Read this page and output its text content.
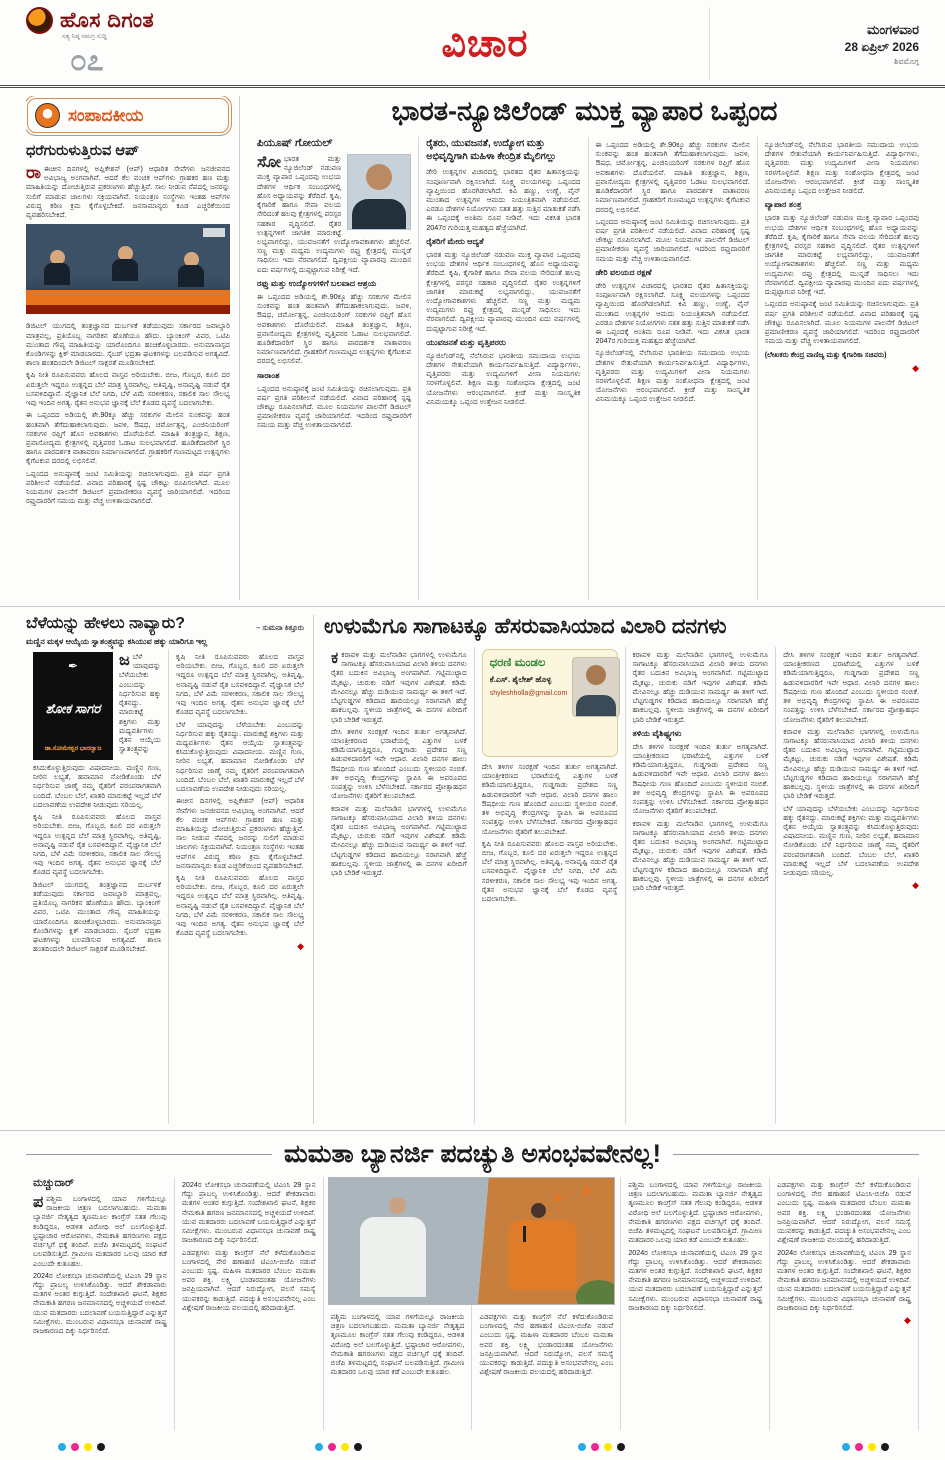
ಹೊಸ ದಿಗಂತ
ಸತ್ಯ ನಿಷ್ಠ ಸಮಗ್ರ ಸುದ್ದಿ
೦೭	ವಿಚಾರ	ಮಂಗಳವಾರ
28 ಏಪ್ರಿಲ್ 2026
ಶಿವಮೊಗ್ಗ
ಸಂಪಾದಕೀಯ
ಧರೆಗುರುಳುತ್ತಿರುವ ಆಪ್

ರಾಈಚೀನ ದಿನಗಳಲ್ಲಿ ಅಪ್ಲಿಕೇಶನ್ (ಆಪ್) ಆಧಾರಿತ ಸೇವೆಗಳು ಜನಜೀವನದ ಅವಿಭಾಜ್ಯ ಅಂಗವಾಗಿವೆ. ಆದರೆ ಕೆಲ ವಂಚಕ ಆಪ್‌ಗಳು ಗ್ರಾಹಕರ ಹಣ ಮತ್ತು ಮಾಹಿತಿಯನ್ನು ದೋಚುತ್ತಿರುವ ಪ್ರಕರಣಗಳು ಹೆಚ್ಚುತ್ತಿವೆ. ಸಾಲ ನೀಡುವ ನೆಪದಲ್ಲಿ ಜನರನ್ನು ಸುಲಿಗೆ ಮಾಡುವ ಜಾಲಗಳು ಸಕ್ರಿಯವಾಗಿವೆ. ನಿಯಂತ್ರಣ ಸಂಸ್ಥೆಗಳು ಇಂತಹ ಆಪ್‌ಗಳ ವಿರುದ್ಧ ಕಠಿಣ ಕ್ರಮ ಕೈಗೊಳ್ಳಬೇಕಿದೆ. ಜನಸಾಮಾನ್ಯರು ಕೂಡ ಎಚ್ಚರಿಕೆಯಿಂದ ವ್ಯವಹರಿಸಬೇಕಿದೆ.

ಡಿಜಿಟಲ್ ಯುಗದಲ್ಲಿ ತಂತ್ರಜ್ಞಾನದ ದುರ್ಬಳಕೆ ತಡೆಯುವುದು ಸರ್ಕಾರದ ಜವಾಬ್ದಾರಿ ಮಾತ್ರವಲ್ಲ, ಪ್ರತಿಯೊಬ್ಬ ನಾಗರಿಕನ ಹೊಣೆಯೂ ಹೌದು. ಬ್ಯಾಂಕಿಂಗ್ ವಿವರ, ಒಟಿಪಿ ಮುಂತಾದ ಗೌಪ್ಯ ಮಾಹಿತಿಯನ್ನು ಯಾರೊಂದಿಗೂ ಹಂಚಿಕೊಳ್ಳಬಾರದು. ಅನುಮಾನಾಸ್ಪದ ಕೊಂಡಿಗಳನ್ನು ಕ್ಲಿಕ್ ಮಾಡಬಾರದು. ಸೈಬರ್ ಭದ್ರತಾ ಘಟಕಗಳನ್ನು ಬಲಪಡಿಸುವ ಅಗತ್ಯವಿದೆ. ಶಾಲಾ ಹಂತದಿಂದಲೇ ಡಿಜಿಟಲ್ ಸಾಕ್ಷರತೆ ಮೂಡಿಸಬೇಕಿದೆ.

ಕೃಷಿ ನೀತಿ ರೂಪಿಸುವವರು ಹೊಲದ ವಾಸ್ತವ ಅರಿಯಬೇಕು. ಬೀಜ, ಗೊಬ್ಬರ, ಕೂಲಿ ದರ ಏರುತ್ತಲೇ ಇದ್ದರೂ ಉತ್ಪನ್ನದ ಬೆಲೆ ಮಾತ್ರ ಸ್ಥಿರವಾಗಿಲ್ಲ. ಅತಿವೃಷ್ಟಿ, ಅನಾವೃಷ್ಟಿ ನಡುವೆ ರೈತ ಬಸವಳಿದಿದ್ದಾನೆ. ವೈಜ್ಞಾನಿಕ ಬೆಲೆ ನಿಗದಿ, ಬೆಳೆ ವಿಮೆ ಸರಳೀಕರಣ, ಸಕಾಲಿಕ ಸಾಲ ಸೌಲಭ್ಯ ಇವು ಇಂದಿನ ಅಗತ್ಯ. ರೈತನ ಅನುಭವ ಜ್ಞಾನಕ್ಕೆ ಬೆಲೆ ಕೊಡದ ವ್ಯವಸ್ಥೆ ಬದಲಾಗಬೇಕು.

ಈ ಒಪ್ಪಂದದ ಅಡಿಯಲ್ಲಿ ಶೇ.90ಕ್ಕೂ ಹೆಚ್ಚು ಸರಕುಗಳ ಮೇಲಿನ ಸುಂಕವನ್ನು ಹಂತ ಹಂತವಾಗಿ ತೆಗೆದುಹಾಕಲಾಗುವುದು. ಜವಳಿ, ಔಷಧ, ಚರ್ಮೋತ್ಪನ್ನ, ಎಂಜಿನಿಯರಿಂಗ್ ಸರಕುಗಳ ರಫ್ತಿಗೆ ಹೊಸ ಅವಕಾಶಗಳು ದೊರೆಯಲಿವೆ. ಮಾಹಿತಿ ತಂತ್ರಜ್ಞಾನ, ಶಿಕ್ಷಣ, ಪ್ರವಾಸೋದ್ಯಮ ಕ್ಷೇತ್ರಗಳಲ್ಲಿ ವೃತ್ತಿಪರರ ಓಡಾಟ ಸುಲಭವಾಗಲಿದೆ. ಹೂಡಿಕೆದಾರರಿಗೆ ಸ್ಥಿರ ಹಾಗೂ ಪಾರದರ್ಶಕ ವಾತಾವರಣ ನಿರ್ಮಾಣವಾಗಲಿದೆ. ಗ್ರಾಹಕರಿಗೆ ಗುಣಮಟ್ಟದ ಉತ್ಪನ್ನಗಳು ಕೈಗೆಟಕುವ ದರದಲ್ಲಿ ಲಭಿಸಲಿವೆ.

ಒಪ್ಪಂದದ ಅನುಷ್ಠಾನಕ್ಕೆ ಜಂಟಿ ಸಮಿತಿಯನ್ನು ರಚಿಸಲಾಗುವುದು. ಪ್ರತಿ ವರ್ಷ ಪ್ರಗತಿ ಪರಿಶೀಲನೆ ನಡೆಯಲಿದೆ. ವಿವಾದ ಪರಿಹಾರಕ್ಕೆ ಸ್ಪಷ್ಟ ಚೌಕಟ್ಟು ರೂಪಿಸಲಾಗಿದೆ. ಮೂಲ ನಿಯಮಗಳ ಪಾಲನೆಗೆ ಡಿಜಿಟಲ್ ಪ್ರಮಾಣೀಕರಣ ವ್ಯವಸ್ಥೆ ಜಾರಿಯಾಗಲಿದೆ. ಇದರಿಂದ ರಫ್ತುದಾರರಿಗೆ ಸಮಯ ಮತ್ತು ವೆಚ್ಚ ಉಳಿತಾಯವಾಗಲಿದೆ.

ಭಾರತ-ನ್ಯೂಜಿಲೆಂಡ್ ಮುಕ್ತ ವ್ಯಾಪಾರ ಒಪ್ಪಂದ
ಪಿಯೂಷ್ ಗೋಯಲ್

ಸೋಭಾರತ ಮತ್ತು ನ್ಯೂಜಿಲೆಂಡ್ ನಡುವಣ ಮುಕ್ತ ವ್ಯಾಪಾರ ಒಪ್ಪಂದವು ಉಭಯ ದೇಶಗಳ ಆರ್ಥಿಕ ಸಂಬಂಧಗಳಲ್ಲಿ ಹೊಸ ಅಧ್ಯಾಯವನ್ನು ತೆರೆದಿದೆ. ಕೃಷಿ, ಕೈಗಾರಿಕೆ ಹಾಗೂ ಸೇವಾ ವಲಯ ಸೇರಿದಂತೆ ಹಲವು ಕ್ಷೇತ್ರಗಳಲ್ಲಿ ಪರಸ್ಪರ ಸಹಕಾರ ವೃದ್ಧಿಸಲಿದೆ. ರೈತರ ಉತ್ಪನ್ನಗಳಿಗೆ ಜಾಗತಿಕ ಮಾರುಕಟ್ಟೆ ಲಭ್ಯವಾಗಲಿದ್ದು, ಯುವಜನತೆಗೆ ಉದ್ಯೋಗಾವಕಾಶಗಳು ಹೆಚ್ಚಲಿವೆ. ಸಣ್ಣ ಮತ್ತು ಮಧ್ಯಮ ಉದ್ಯಮಗಳು ರಫ್ತು ಕ್ಷೇತ್ರದಲ್ಲಿ ಮುನ್ನಡೆ ಸಾಧಿಸಲು ಇದು ನೆರವಾಗಲಿದೆ. ದ್ವಿಪಕ್ಷೀಯ ವ್ಯಾಪಾರವು ಮುಂದಿನ ಐದು ವರ್ಷಗಳಲ್ಲಿ ದುಪ್ಪಟ್ಟಾಗುವ ನಿರೀಕ್ಷೆ ಇದೆ.

ರಫ್ತು ಮತ್ತು ಉದ್ಯೋಗಗಳಿಗೆ ಬಲವಾದ ಆಶ್ರಯ

ಈ ಒಪ್ಪಂದದ ಅಡಿಯಲ್ಲಿ ಶೇ.90ಕ್ಕೂ ಹೆಚ್ಚು ಸರಕುಗಳ ಮೇಲಿನ ಸುಂಕವನ್ನು ಹಂತ ಹಂತವಾಗಿ ತೆಗೆದುಹಾಕಲಾಗುವುದು. ಜವಳಿ, ಔಷಧ, ಚರ್ಮೋತ್ಪನ್ನ, ಎಂಜಿನಿಯರಿಂಗ್ ಸರಕುಗಳ ರಫ್ತಿಗೆ ಹೊಸ ಅವಕಾಶಗಳು ದೊರೆಯಲಿವೆ. ಮಾಹಿತಿ ತಂತ್ರಜ್ಞಾನ, ಶಿಕ್ಷಣ, ಪ್ರವಾಸೋದ್ಯಮ ಕ್ಷೇತ್ರಗಳಲ್ಲಿ ವೃತ್ತಿಪರರ ಓಡಾಟ ಸುಲಭವಾಗಲಿದೆ. ಹೂಡಿಕೆದಾರರಿಗೆ ಸ್ಥಿರ ಹಾಗೂ ಪಾರದರ್ಶಕ ವಾತಾವರಣ ನಿರ್ಮಾಣವಾಗಲಿದೆ. ಗ್ರಾಹಕರಿಗೆ ಗುಣಮಟ್ಟದ ಉತ್ಪನ್ನಗಳು ಕೈಗೆಟಕುವ ದರದಲ್ಲಿ ಲಭಿಸಲಿವೆ.

ಸಾರಾಂಶ

ಒಪ್ಪಂದದ ಅನುಷ್ಠಾನಕ್ಕೆ ಜಂಟಿ ಸಮಿತಿಯನ್ನು ರಚಿಸಲಾಗುವುದು. ಪ್ರತಿ ವರ್ಷ ಪ್ರಗತಿ ಪರಿಶೀಲನೆ ನಡೆಯಲಿದೆ. ವಿವಾದ ಪರಿಹಾರಕ್ಕೆ ಸ್ಪಷ್ಟ ಚೌಕಟ್ಟು ರೂಪಿಸಲಾಗಿದೆ. ಮೂಲ ನಿಯಮಗಳ ಪಾಲನೆಗೆ ಡಿಜಿಟಲ್ ಪ್ರಮಾಣೀಕರಣ ವ್ಯವಸ್ಥೆ ಜಾರಿಯಾಗಲಿದೆ. ಇದರಿಂದ ರಫ್ತುದಾರರಿಗೆ ಸಮಯ ಮತ್ತು ವೆಚ್ಚ ಉಳಿತಾಯವಾಗಲಿದೆ.

ರೈತರು, ಯುವಜನತೆ, ಉದ್ಯೋಗ ಮತ್ತು ಅಭಿವೃದ್ಧಿಗಾಗಿ ಮಹಿಳಾ ಕೇಂದ್ರಿತ ಮೈಲಿಗಲ್ಲು

ಡೇರಿ ಉತ್ಪನ್ನಗಳ ವಿಚಾರದಲ್ಲಿ ಭಾರತದ ರೈತರ ಹಿತಾಸಕ್ತಿಯನ್ನು ಸಂಪೂರ್ಣವಾಗಿ ರಕ್ಷಿಸಲಾಗಿದೆ. ಸೂಕ್ಷ್ಮ ವಲಯಗಳನ್ನು ಒಪ್ಪಂದದ ವ್ಯಾಪ್ತಿಯಿಂದ ಹೊರಗಿಡಲಾಗಿದೆ. ಕಿವಿ ಹಣ್ಣು, ಉಣ್ಣೆ, ವೈನ್ ಮುಂತಾದ ಉತ್ಪನ್ನಗಳ ಆಮದು ನಿಯಂತ್ರಿತವಾಗಿ ನಡೆಯಲಿದೆ. ಎರಡೂ ದೇಶಗಳ ನಿಯೋಗಗಳು ಸತತ ಹತ್ತು ಸುತ್ತಿನ ಮಾತುಕತೆ ನಡೆಸಿ ಈ ಒಪ್ಪಂದಕ್ಕೆ ಅಂತಿಮ ರೂಪ ನೀಡಿವೆ. ಇದು ವಿಕಸಿತ ಭಾರತ 2047ರ ಗುರಿಯತ್ತ ಮಹತ್ವದ ಹೆಜ್ಜೆಯಾಗಿದೆ.

ರೈತರಿಗೆ ಮೇರು ಆದ್ಯತೆ

ಭಾರತ ಮತ್ತು ನ್ಯೂಜಿಲೆಂಡ್ ನಡುವಣ ಮುಕ್ತ ವ್ಯಾಪಾರ ಒಪ್ಪಂದವು ಉಭಯ ದೇಶಗಳ ಆರ್ಥಿಕ ಸಂಬಂಧಗಳಲ್ಲಿ ಹೊಸ ಅಧ್ಯಾಯವನ್ನು ತೆರೆದಿದೆ. ಕೃಷಿ, ಕೈಗಾರಿಕೆ ಹಾಗೂ ಸೇವಾ ವಲಯ ಸೇರಿದಂತೆ ಹಲವು ಕ್ಷೇತ್ರಗಳಲ್ಲಿ ಪರಸ್ಪರ ಸಹಕಾರ ವೃದ್ಧಿಸಲಿದೆ. ರೈತರ ಉತ್ಪನ್ನಗಳಿಗೆ ಜಾಗತಿಕ ಮಾರುಕಟ್ಟೆ ಲಭ್ಯವಾಗಲಿದ್ದು, ಯುವಜನತೆಗೆ ಉದ್ಯೋಗಾವಕಾಶಗಳು ಹೆಚ್ಚಲಿವೆ. ಸಣ್ಣ ಮತ್ತು ಮಧ್ಯಮ ಉದ್ಯಮಗಳು ರಫ್ತು ಕ್ಷೇತ್ರದಲ್ಲಿ ಮುನ್ನಡೆ ಸಾಧಿಸಲು ಇದು ನೆರವಾಗಲಿದೆ. ದ್ವಿಪಕ್ಷೀಯ ವ್ಯಾಪಾರವು ಮುಂದಿನ ಐದು ವರ್ಷಗಳಲ್ಲಿ ದುಪ್ಪಟ್ಟಾಗುವ ನಿರೀಕ್ಷೆ ಇದೆ.

ಯುವಜನತೆ ಮತ್ತು ವೃತ್ತಿಪರರು

ನ್ಯೂಜಿಲೆಂಡ್‌ನಲ್ಲಿ ನೆಲೆಸಿರುವ ಭಾರತೀಯ ಸಮುದಾಯ ಉಭಯ ದೇಶಗಳ ಸೇತುವೆಯಾಗಿ ಕಾರ್ಯನಿರ್ವಹಿಸುತ್ತಿದೆ. ವಿದ್ಯಾರ್ಥಿಗಳು, ವೃತ್ತಿಪರರು ಮತ್ತು ಉದ್ಯಮಿಗಳಿಗೆ ವೀಸಾ ನಿಯಮಗಳು ಸರಳಗೊಳ್ಳಲಿವೆ. ಶಿಕ್ಷಣ ಮತ್ತು ಸಂಶೋಧನಾ ಕ್ಷೇತ್ರದಲ್ಲಿ ಜಂಟಿ ಯೋಜನೆಗಳು ಆರಂಭವಾಗಲಿವೆ. ಕ್ರೀಡೆ ಮತ್ತು ಸಾಂಸ್ಕೃತಿಕ ವಿನಿಮಯಕ್ಕೂ ಒಪ್ಪಂದ ಉತ್ತೇಜನ ನೀಡಲಿದೆ.

ಈ ಒಪ್ಪಂದದ ಅಡಿಯಲ್ಲಿ ಶೇ.90ಕ್ಕೂ ಹೆಚ್ಚು ಸರಕುಗಳ ಮೇಲಿನ ಸುಂಕವನ್ನು ಹಂತ ಹಂತವಾಗಿ ತೆಗೆದುಹಾಕಲಾಗುವುದು. ಜವಳಿ, ಔಷಧ, ಚರ್ಮೋತ್ಪನ್ನ, ಎಂಜಿನಿಯರಿಂಗ್ ಸರಕುಗಳ ರಫ್ತಿಗೆ ಹೊಸ ಅವಕಾಶಗಳು ದೊರೆಯಲಿವೆ. ಮಾಹಿತಿ ತಂತ್ರಜ್ಞಾನ, ಶಿಕ್ಷಣ, ಪ್ರವಾಸೋದ್ಯಮ ಕ್ಷೇತ್ರಗಳಲ್ಲಿ ವೃತ್ತಿಪರರ ಓಡಾಟ ಸುಲಭವಾಗಲಿದೆ. ಹೂಡಿಕೆದಾರರಿಗೆ ಸ್ಥಿರ ಹಾಗೂ ಪಾರದರ್ಶಕ ವಾತಾವರಣ ನಿರ್ಮಾಣವಾಗಲಿದೆ. ಗ್ರಾಹಕರಿಗೆ ಗುಣಮಟ್ಟದ ಉತ್ಪನ್ನಗಳು ಕೈಗೆಟಕುವ ದರದಲ್ಲಿ ಲಭಿಸಲಿವೆ.

ಒಪ್ಪಂದದ ಅನುಷ್ಠಾನಕ್ಕೆ ಜಂಟಿ ಸಮಿತಿಯನ್ನು ರಚಿಸಲಾಗುವುದು. ಪ್ರತಿ ವರ್ಷ ಪ್ರಗತಿ ಪರಿಶೀಲನೆ ನಡೆಯಲಿದೆ. ವಿವಾದ ಪರಿಹಾರಕ್ಕೆ ಸ್ಪಷ್ಟ ಚೌಕಟ್ಟು ರೂಪಿಸಲಾಗಿದೆ. ಮೂಲ ನಿಯಮಗಳ ಪಾಲನೆಗೆ ಡಿಜಿಟಲ್ ಪ್ರಮಾಣೀಕರಣ ವ್ಯವಸ್ಥೆ ಜಾರಿಯಾಗಲಿದೆ. ಇದರಿಂದ ರಫ್ತುದಾರರಿಗೆ ಸಮಯ ಮತ್ತು ವೆಚ್ಚ ಉಳಿತಾಯವಾಗಲಿದೆ.

ಡೇರಿ ವಲಯದ ರಕ್ಷಣೆ

ಡೇರಿ ಉತ್ಪನ್ನಗಳ ವಿಚಾರದಲ್ಲಿ ಭಾರತದ ರೈತರ ಹಿತಾಸಕ್ತಿಯನ್ನು ಸಂಪೂರ್ಣವಾಗಿ ರಕ್ಷಿಸಲಾಗಿದೆ. ಸೂಕ್ಷ್ಮ ವಲಯಗಳನ್ನು ಒಪ್ಪಂದದ ವ್ಯಾಪ್ತಿಯಿಂದ ಹೊರಗಿಡಲಾಗಿದೆ. ಕಿವಿ ಹಣ್ಣು, ಉಣ್ಣೆ, ವೈನ್ ಮುಂತಾದ ಉತ್ಪನ್ನಗಳ ಆಮದು ನಿಯಂತ್ರಿತವಾಗಿ ನಡೆಯಲಿದೆ. ಎರಡೂ ದೇಶಗಳ ನಿಯೋಗಗಳು ಸತತ ಹತ್ತು ಸುತ್ತಿನ ಮಾತುಕತೆ ನಡೆಸಿ ಈ ಒಪ್ಪಂದಕ್ಕೆ ಅಂತಿಮ ರೂಪ ನೀಡಿವೆ. ಇದು ವಿಕಸಿತ ಭಾರತ 2047ರ ಗುರಿಯತ್ತ ಮಹತ್ವದ ಹೆಜ್ಜೆಯಾಗಿದೆ.

ನ್ಯೂಜಿಲೆಂಡ್‌ನಲ್ಲಿ ನೆಲೆಸಿರುವ ಭಾರತೀಯ ಸಮುದಾಯ ಉಭಯ ದೇಶಗಳ ಸೇತುವೆಯಾಗಿ ಕಾರ್ಯನಿರ್ವಹಿಸುತ್ತಿದೆ. ವಿದ್ಯಾರ್ಥಿಗಳು, ವೃತ್ತಿಪರರು ಮತ್ತು ಉದ್ಯಮಿಗಳಿಗೆ ವೀಸಾ ನಿಯಮಗಳು ಸರಳಗೊಳ್ಳಲಿವೆ. ಶಿಕ್ಷಣ ಮತ್ತು ಸಂಶೋಧನಾ ಕ್ಷೇತ್ರದಲ್ಲಿ ಜಂಟಿ ಯೋಜನೆಗಳು ಆರಂಭವಾಗಲಿವೆ. ಕ್ರೀಡೆ ಮತ್ತು ಸಾಂಸ್ಕೃತಿಕ ವಿನಿಮಯಕ್ಕೂ ಒಪ್ಪಂದ ಉತ್ತೇಜನ ನೀಡಲಿದೆ.

ನ್ಯೂಜಿಲೆಂಡ್‌ನಲ್ಲಿ ನೆಲೆಸಿರುವ ಭಾರತೀಯ ಸಮುದಾಯ ಉಭಯ ದೇಶಗಳ ಸೇತುವೆಯಾಗಿ ಕಾರ್ಯನಿರ್ವಹಿಸುತ್ತಿದೆ. ವಿದ್ಯಾರ್ಥಿಗಳು, ವೃತ್ತಿಪರರು ಮತ್ತು ಉದ್ಯಮಿಗಳಿಗೆ ವೀಸಾ ನಿಯಮಗಳು ಸರಳಗೊಳ್ಳಲಿವೆ. ಶಿಕ್ಷಣ ಮತ್ತು ಸಂಶೋಧನಾ ಕ್ಷೇತ್ರದಲ್ಲಿ ಜಂಟಿ ಯೋಜನೆಗಳು ಆರಂಭವಾಗಲಿವೆ. ಕ್ರೀಡೆ ಮತ್ತು ಸಾಂಸ್ಕೃತಿಕ ವಿನಿಮಯಕ್ಕೂ ಒಪ್ಪಂದ ಉತ್ತೇಜನ ನೀಡಲಿದೆ.

ವ್ಯಾಪಾರ ತಂತ್ರ

ಭಾರತ ಮತ್ತು ನ್ಯೂಜಿಲೆಂಡ್ ನಡುವಣ ಮುಕ್ತ ವ್ಯಾಪಾರ ಒಪ್ಪಂದವು ಉಭಯ ದೇಶಗಳ ಆರ್ಥಿಕ ಸಂಬಂಧಗಳಲ್ಲಿ ಹೊಸ ಅಧ್ಯಾಯವನ್ನು ತೆರೆದಿದೆ. ಕೃಷಿ, ಕೈಗಾರಿಕೆ ಹಾಗೂ ಸೇವಾ ವಲಯ ಸೇರಿದಂತೆ ಹಲವು ಕ್ಷೇತ್ರಗಳಲ್ಲಿ ಪರಸ್ಪರ ಸಹಕಾರ ವೃದ್ಧಿಸಲಿದೆ. ರೈತರ ಉತ್ಪನ್ನಗಳಿಗೆ ಜಾಗತಿಕ ಮಾರುಕಟ್ಟೆ ಲಭ್ಯವಾಗಲಿದ್ದು, ಯುವಜನತೆಗೆ ಉದ್ಯೋಗಾವಕಾಶಗಳು ಹೆಚ್ಚಲಿವೆ. ಸಣ್ಣ ಮತ್ತು ಮಧ್ಯಮ ಉದ್ಯಮಗಳು ರಫ್ತು ಕ್ಷೇತ್ರದಲ್ಲಿ ಮುನ್ನಡೆ ಸಾಧಿಸಲು ಇದು ನೆರವಾಗಲಿದೆ. ದ್ವಿಪಕ್ಷೀಯ ವ್ಯಾಪಾರವು ಮುಂದಿನ ಐದು ವರ್ಷಗಳಲ್ಲಿ ದುಪ್ಪಟ್ಟಾಗುವ ನಿರೀಕ್ಷೆ ಇದೆ.

ಒಪ್ಪಂದದ ಅನುಷ್ಠಾನಕ್ಕೆ ಜಂಟಿ ಸಮಿತಿಯನ್ನು ರಚಿಸಲಾಗುವುದು. ಪ್ರತಿ ವರ್ಷ ಪ್ರಗತಿ ಪರಿಶೀಲನೆ ನಡೆಯಲಿದೆ. ವಿವಾದ ಪರಿಹಾರಕ್ಕೆ ಸ್ಪಷ್ಟ ಚೌಕಟ್ಟು ರೂಪಿಸಲಾಗಿದೆ. ಮೂಲ ನಿಯಮಗಳ ಪಾಲನೆಗೆ ಡಿಜಿಟಲ್ ಪ್ರಮಾಣೀಕರಣ ವ್ಯವಸ್ಥೆ ಜಾರಿಯಾಗಲಿದೆ. ಇದರಿಂದ ರಫ್ತುದಾರರಿಗೆ ಸಮಯ ಮತ್ತು ವೆಚ್ಚ ಉಳಿತಾಯವಾಗಲಿದೆ.

(ಲೇಖಕರು ಕೇಂದ್ರ ವಾಣಿಜ್ಯ ಮತ್ತು ಕೈಗಾರಿಕಾ ಸಚಿವರು)

◆
ಬೆಳೆಯನ್ನು ಹೇಳಲು ನಾವ್ಯಾರು?	– ಸುಮನಾ ಕಿತ್ತೂರು

ಮಣ್ಣಿನ ಮಕ್ಕಳ ಆಯ್ಕೆಯ ಸ್ವಾತಂತ್ರ್ಯವನ್ನು ಕಸಿಯುವ ಹಕ್ಕು ಯಾರಿಗೂ ಇಲ್ಲ

✒
ಶೋಕ ಸಾಗರ
ಡಾ.ಸೋಮೇಶ್ವರ ಭಾರದ್ವಾಜ

ಜಬೆಳೆ ಯಾವುದನ್ನು ಬೆಳೆಯಬೇಕು ಎಂಬುದನ್ನು ನಿರ್ಧರಿಸುವ ಹಕ್ಕು ರೈತನದ್ದು. ಮಾರುಕಟ್ಟೆ ಶಕ್ತಿಗಳು ಮತ್ತು ಮಧ್ಯವರ್ತಿಗಳು ರೈತನ ಆಯ್ಕೆಯ ಸ್ವಾತಂತ್ರ್ಯವನ್ನು ಕಸಿದುಕೊಳ್ಳುತ್ತಿರುವುದು ವಿಷಾದನೀಯ. ಮಣ್ಣಿನ ಗುಣ, ನೀರಿನ ಲಭ್ಯತೆ, ಹವಾಮಾನ ನೋಡಿಕೊಂಡು ಬೆಳೆ ನಿರ್ಧರಿಸುವ ಜಾಣ್ಮೆ ನಮ್ಮ ರೈತರಿಗೆ ಪರಂಪರಾಗತವಾಗಿ ಬಂದಿದೆ. ಬೆಂಬಲ ಬೆಲೆ, ಖಾತರಿ ಮಾರುಕಟ್ಟೆ ಇಲ್ಲದೆ ಬೆಳೆ ಬದಲಾವಣೆಯ ಉಪದೇಶ ನೀಡುವುದು ಸರಿಯಲ್ಲ.

ಕೃಷಿ ನೀತಿ ರೂಪಿಸುವವರು ಹೊಲದ ವಾಸ್ತವ ಅರಿಯಬೇಕು. ಬೀಜ, ಗೊಬ್ಬರ, ಕೂಲಿ ದರ ಏರುತ್ತಲೇ ಇದ್ದರೂ ಉತ್ಪನ್ನದ ಬೆಲೆ ಮಾತ್ರ ಸ್ಥಿರವಾಗಿಲ್ಲ. ಅತಿವೃಷ್ಟಿ, ಅನಾವೃಷ್ಟಿ ನಡುವೆ ರೈತ ಬಸವಳಿದಿದ್ದಾನೆ. ವೈಜ್ಞಾನಿಕ ಬೆಲೆ ನಿಗದಿ, ಬೆಳೆ ವಿಮೆ ಸರಳೀಕರಣ, ಸಕಾಲಿಕ ಸಾಲ ಸೌಲಭ್ಯ ಇವು ಇಂದಿನ ಅಗತ್ಯ. ರೈತನ ಅನುಭವ ಜ್ಞಾನಕ್ಕೆ ಬೆಲೆ ಕೊಡದ ವ್ಯವಸ್ಥೆ ಬದಲಾಗಬೇಕು.

ಡಿಜಿಟಲ್ ಯುಗದಲ್ಲಿ ತಂತ್ರಜ್ಞಾನದ ದುರ್ಬಳಕೆ ತಡೆಯುವುದು ಸರ್ಕಾರದ ಜವಾಬ್ದಾರಿ ಮಾತ್ರವಲ್ಲ, ಪ್ರತಿಯೊಬ್ಬ ನಾಗರಿಕನ ಹೊಣೆಯೂ ಹೌದು. ಬ್ಯಾಂಕಿಂಗ್ ವಿವರ, ಒಟಿಪಿ ಮುಂತಾದ ಗೌಪ್ಯ ಮಾಹಿತಿಯನ್ನು ಯಾರೊಂದಿಗೂ ಹಂಚಿಕೊಳ್ಳಬಾರದು. ಅನುಮಾನಾಸ್ಪದ ಕೊಂಡಿಗಳನ್ನು ಕ್ಲಿಕ್ ಮಾಡಬಾರದು. ಸೈಬರ್ ಭದ್ರತಾ ಘಟಕಗಳನ್ನು ಬಲಪಡಿಸುವ ಅಗತ್ಯವಿದೆ. ಶಾಲಾ ಹಂತದಿಂದಲೇ ಡಿಜಿಟಲ್ ಸಾಕ್ಷರತೆ ಮೂಡಿಸಬೇಕಿದೆ.

ಕೃಷಿ ನೀತಿ ರೂಪಿಸುವವರು ಹೊಲದ ವಾಸ್ತವ ಅರಿಯಬೇಕು. ಬೀಜ, ಗೊಬ್ಬರ, ಕೂಲಿ ದರ ಏರುತ್ತಲೇ ಇದ್ದರೂ ಉತ್ಪನ್ನದ ಬೆಲೆ ಮಾತ್ರ ಸ್ಥಿರವಾಗಿಲ್ಲ. ಅತಿವೃಷ್ಟಿ, ಅನಾವೃಷ್ಟಿ ನಡುವೆ ರೈತ ಬಸವಳಿದಿದ್ದಾನೆ. ವೈಜ್ಞಾನಿಕ ಬೆಲೆ ನಿಗದಿ, ಬೆಳೆ ವಿಮೆ ಸರಳೀಕರಣ, ಸಕಾಲಿಕ ಸಾಲ ಸೌಲಭ್ಯ ಇವು ಇಂದಿನ ಅಗತ್ಯ. ರೈತನ ಅನುಭವ ಜ್ಞಾನಕ್ಕೆ ಬೆಲೆ ಕೊಡದ ವ್ಯವಸ್ಥೆ ಬದಲಾಗಬೇಕು.

ಬೆಳೆ ಯಾವುದನ್ನು ಬೆಳೆಯಬೇಕು ಎಂಬುದನ್ನು ನಿರ್ಧರಿಸುವ ಹಕ್ಕು ರೈತನದ್ದು. ಮಾರುಕಟ್ಟೆ ಶಕ್ತಿಗಳು ಮತ್ತು ಮಧ್ಯವರ್ತಿಗಳು ರೈತನ ಆಯ್ಕೆಯ ಸ್ವಾತಂತ್ರ್ಯವನ್ನು ಕಸಿದುಕೊಳ್ಳುತ್ತಿರುವುದು ವಿಷಾದನೀಯ. ಮಣ್ಣಿನ ಗುಣ, ನೀರಿನ ಲಭ್ಯತೆ, ಹವಾಮಾನ ನೋಡಿಕೊಂಡು ಬೆಳೆ ನಿರ್ಧರಿಸುವ ಜಾಣ್ಮೆ ನಮ್ಮ ರೈತರಿಗೆ ಪರಂಪರಾಗತವಾಗಿ ಬಂದಿದೆ. ಬೆಂಬಲ ಬೆಲೆ, ಖಾತರಿ ಮಾರುಕಟ್ಟೆ ಇಲ್ಲದೆ ಬೆಳೆ ಬದಲಾವಣೆಯ ಉಪದೇಶ ನೀಡುವುದು ಸರಿಯಲ್ಲ.

ಈಚೀನ ದಿನಗಳಲ್ಲಿ ಅಪ್ಲಿಕೇಶನ್ (ಆಪ್) ಆಧಾರಿತ ಸೇವೆಗಳು ಜನಜೀವನದ ಅವಿಭಾಜ್ಯ ಅಂಗವಾಗಿವೆ. ಆದರೆ ಕೆಲ ವಂಚಕ ಆಪ್‌ಗಳು ಗ್ರಾಹಕರ ಹಣ ಮತ್ತು ಮಾಹಿತಿಯನ್ನು ದೋಚುತ್ತಿರುವ ಪ್ರಕರಣಗಳು ಹೆಚ್ಚುತ್ತಿವೆ. ಸಾಲ ನೀಡುವ ನೆಪದಲ್ಲಿ ಜನರನ್ನು ಸುಲಿಗೆ ಮಾಡುವ ಜಾಲಗಳು ಸಕ್ರಿಯವಾಗಿವೆ. ನಿಯಂತ್ರಣ ಸಂಸ್ಥೆಗಳು ಇಂತಹ ಆಪ್‌ಗಳ ವಿರುದ್ಧ ಕಠಿಣ ಕ್ರಮ ಕೈಗೊಳ್ಳಬೇಕಿದೆ. ಜನಸಾಮಾನ್ಯರು ಕೂಡ ಎಚ್ಚರಿಕೆಯಿಂದ ವ್ಯವಹರಿಸಬೇಕಿದೆ.

ಕೃಷಿ ನೀತಿ ರೂಪಿಸುವವರು ಹೊಲದ ವಾಸ್ತವ ಅರಿಯಬೇಕು. ಬೀಜ, ಗೊಬ್ಬರ, ಕೂಲಿ ದರ ಏರುತ್ತಲೇ ಇದ್ದರೂ ಉತ್ಪನ್ನದ ಬೆಲೆ ಮಾತ್ರ ಸ್ಥಿರವಾಗಿಲ್ಲ. ಅತಿವೃಷ್ಟಿ, ಅನಾವೃಷ್ಟಿ ನಡುವೆ ರೈತ ಬಸವಳಿದಿದ್ದಾನೆ. ವೈಜ್ಞಾನಿಕ ಬೆಲೆ ನಿಗದಿ, ಬೆಳೆ ವಿಮೆ ಸರಳೀಕರಣ, ಸಕಾಲಿಕ ಸಾಲ ಸೌಲಭ್ಯ ಇವು ಇಂದಿನ ಅಗತ್ಯ. ರೈತನ ಅನುಭವ ಜ್ಞಾನಕ್ಕೆ ಬೆಲೆ ಕೊಡದ ವ್ಯವಸ್ಥೆ ಬದಲಾಗಬೇಕು.

◆
ಉಳುಮೆಗೂ ಸಾಗಾಟಕ್ಕೂ ಹೆಸರುವಾಸಿಯಾದ ವಿಲಾರಿ ದನಗಳು

ಕಕರಾವಳಿ ಮತ್ತು ಮಲೆನಾಡಿನ ಭಾಗಗಳಲ್ಲಿ ಉಳುಮೆಗೂ ಸಾಗಾಟಕ್ಕೂ ಹೆಸರುವಾಸಿಯಾದ ವಿಲಾರಿ ತಳಿಯ ದನಗಳು ರೈತರ ಬದುಕಿನ ಅವಿಭಾಜ್ಯ ಅಂಗವಾಗಿವೆ. ಗಟ್ಟಿಮುಟ್ಟಾದ ಮೈಕಟ್ಟು, ಚುರುಕು ನಡಿಗೆ ಇವುಗಳ ವಿಶೇಷತೆ. ಕಡಿಮೆ ಮೇವಿನಲ್ಲೂ ಹೆಚ್ಚು ದುಡಿಯುವ ಸಾಮರ್ಥ್ಯ ಈ ತಳಿಗೆ ಇದೆ. ಬೆಟ್ಟಗುಡ್ಡಗಳ ಕಡಿದಾದ ಹಾದಿಯಲ್ಲೂ ಸರಾಗವಾಗಿ ಹೆಜ್ಜೆ ಹಾಕಬಲ್ಲವು. ಸ್ಥಳೀಯ ಜಾತ್ರೆಗಳಲ್ಲಿ ಈ ದನಗಳ ಖರೀದಿಗೆ ಭಾರಿ ಬೇಡಿಕೆ ಇರುತ್ತದೆ.

ದೇಸಿ ತಳಿಗಳ ಸಂರಕ್ಷಣೆ ಇಂದಿನ ತುರ್ತು ಅಗತ್ಯವಾಗಿದೆ. ಯಾಂತ್ರೀಕರಣದ ಭರಾಟೆಯಲ್ಲಿ ಎತ್ತುಗಳ ಬಳಕೆ ಕಡಿಮೆಯಾಗುತ್ತಿದ್ದರೂ, ಗುಡ್ಡಗಾಡು ಪ್ರದೇಶದ ಸಣ್ಣ ಹಿಡುವಳಿದಾರರಿಗೆ ಇವೇ ಆಧಾರ. ವಿಲಾರಿ ದನಗಳ ಹಾಲು ಔಷಧೀಯ ಗುಣ ಹೊಂದಿದೆ ಎಂಬುದು ಸ್ಥಳೀಯರ ನಂಬಿಕೆ. ತಳಿ ಅಭಿವೃದ್ಧಿ ಕೇಂದ್ರಗಳನ್ನು ಸ್ಥಾಪಿಸಿ ಈ ಅಪರೂಪದ ಸಂಪತ್ತನ್ನು ಉಳಿಸಿ ಬೆಳೆಸಬೇಕಿದೆ. ಸರ್ಕಾರದ ಪ್ರೋತ್ಸಾಹಧನ ಯೋಜನೆಗಳು ರೈತರಿಗೆ ತಲುಪಬೇಕಿದೆ.

ಕರಾವಳಿ ಮತ್ತು ಮಲೆನಾಡಿನ ಭಾಗಗಳಲ್ಲಿ ಉಳುಮೆಗೂ ಸಾಗಾಟಕ್ಕೂ ಹೆಸರುವಾಸಿಯಾದ ವಿಲಾರಿ ತಳಿಯ ದನಗಳು ರೈತರ ಬದುಕಿನ ಅವಿಭಾಜ್ಯ ಅಂಗವಾಗಿವೆ. ಗಟ್ಟಿಮುಟ್ಟಾದ ಮೈಕಟ್ಟು, ಚುರುಕು ನಡಿಗೆ ಇವುಗಳ ವಿಶೇಷತೆ. ಕಡಿಮೆ ಮೇವಿನಲ್ಲೂ ಹೆಚ್ಚು ದುಡಿಯುವ ಸಾಮರ್ಥ್ಯ ಈ ತಳಿಗೆ ಇದೆ. ಬೆಟ್ಟಗುಡ್ಡಗಳ ಕಡಿದಾದ ಹಾದಿಯಲ್ಲೂ ಸರಾಗವಾಗಿ ಹೆಜ್ಜೆ ಹಾಕಬಲ್ಲವು. ಸ್ಥಳೀಯ ಜಾತ್ರೆಗಳಲ್ಲಿ ಈ ದನಗಳ ಖರೀದಿಗೆ ಭಾರಿ ಬೇಡಿಕೆ ಇರುತ್ತದೆ.

ಧರಣಿ ಮಂಡಲ
ಕೆ.ಎಸ್. ಶೈಲೇಶ್ ಹೊಳ್ಳ
shyleshholla@gmail.com

ದೇಸಿ ತಳಿಗಳ ಸಂರಕ್ಷಣೆ ಇಂದಿನ ತುರ್ತು ಅಗತ್ಯವಾಗಿದೆ. ಯಾಂತ್ರೀಕರಣದ ಭರಾಟೆಯಲ್ಲಿ ಎತ್ತುಗಳ ಬಳಕೆ ಕಡಿಮೆಯಾಗುತ್ತಿದ್ದರೂ, ಗುಡ್ಡಗಾಡು ಪ್ರದೇಶದ ಸಣ್ಣ ಹಿಡುವಳಿದಾರರಿಗೆ ಇವೇ ಆಧಾರ. ವಿಲಾರಿ ದನಗಳ ಹಾಲು ಔಷಧೀಯ ಗುಣ ಹೊಂದಿದೆ ಎಂಬುದು ಸ್ಥಳೀಯರ ನಂಬಿಕೆ. ತಳಿ ಅಭಿವೃದ್ಧಿ ಕೇಂದ್ರಗಳನ್ನು ಸ್ಥಾಪಿಸಿ ಈ ಅಪರೂಪದ ಸಂಪತ್ತನ್ನು ಉಳಿಸಿ ಬೆಳೆಸಬೇಕಿದೆ. ಸರ್ಕಾರದ ಪ್ರೋತ್ಸಾಹಧನ ಯೋಜನೆಗಳು ರೈತರಿಗೆ ತಲುಪಬೇಕಿದೆ.

ಕೃಷಿ ನೀತಿ ರೂಪಿಸುವವರು ಹೊಲದ ವಾಸ್ತವ ಅರಿಯಬೇಕು. ಬೀಜ, ಗೊಬ್ಬರ, ಕೂಲಿ ದರ ಏರುತ್ತಲೇ ಇದ್ದರೂ ಉತ್ಪನ್ನದ ಬೆಲೆ ಮಾತ್ರ ಸ್ಥಿರವಾಗಿಲ್ಲ. ಅತಿವೃಷ್ಟಿ, ಅನಾವೃಷ್ಟಿ ನಡುವೆ ರೈತ ಬಸವಳಿದಿದ್ದಾನೆ. ವೈಜ್ಞಾನಿಕ ಬೆಲೆ ನಿಗದಿ, ಬೆಳೆ ವಿಮೆ ಸರಳೀಕರಣ, ಸಕಾಲಿಕ ಸಾಲ ಸೌಲಭ್ಯ ಇವು ಇಂದಿನ ಅಗತ್ಯ. ರೈತನ ಅನುಭವ ಜ್ಞಾನಕ್ಕೆ ಬೆಲೆ ಕೊಡದ ವ್ಯವಸ್ಥೆ ಬದಲಾಗಬೇಕು.

ಕರಾವಳಿ ಮತ್ತು ಮಲೆನಾಡಿನ ಭಾಗಗಳಲ್ಲಿ ಉಳುಮೆಗೂ ಸಾಗಾಟಕ್ಕೂ ಹೆಸರುವಾಸಿಯಾದ ವಿಲಾರಿ ತಳಿಯ ದನಗಳು ರೈತರ ಬದುಕಿನ ಅವಿಭಾಜ್ಯ ಅಂಗವಾಗಿವೆ. ಗಟ್ಟಿಮುಟ್ಟಾದ ಮೈಕಟ್ಟು, ಚುರುಕು ನಡಿಗೆ ಇವುಗಳ ವಿಶೇಷತೆ. ಕಡಿಮೆ ಮೇವಿನಲ್ಲೂ ಹೆಚ್ಚು ದುಡಿಯುವ ಸಾಮರ್ಥ್ಯ ಈ ತಳಿಗೆ ಇದೆ. ಬೆಟ್ಟಗುಡ್ಡಗಳ ಕಡಿದಾದ ಹಾದಿಯಲ್ಲೂ ಸರಾಗವಾಗಿ ಹೆಜ್ಜೆ ಹಾಕಬಲ್ಲವು. ಸ್ಥಳೀಯ ಜಾತ್ರೆಗಳಲ್ಲಿ ಈ ದನಗಳ ಖರೀದಿಗೆ ಭಾರಿ ಬೇಡಿಕೆ ಇರುತ್ತದೆ.

ತಳಿಯ ವೈಶಿಷ್ಟ್ಯಗಳು

ದೇಸಿ ತಳಿಗಳ ಸಂರಕ್ಷಣೆ ಇಂದಿನ ತುರ್ತು ಅಗತ್ಯವಾಗಿದೆ. ಯಾಂತ್ರೀಕರಣದ ಭರಾಟೆಯಲ್ಲಿ ಎತ್ತುಗಳ ಬಳಕೆ ಕಡಿಮೆಯಾಗುತ್ತಿದ್ದರೂ, ಗುಡ್ಡಗಾಡು ಪ್ರದೇಶದ ಸಣ್ಣ ಹಿಡುವಳಿದಾರರಿಗೆ ಇವೇ ಆಧಾರ. ವಿಲಾರಿ ದನಗಳ ಹಾಲು ಔಷಧೀಯ ಗುಣ ಹೊಂದಿದೆ ಎಂಬುದು ಸ್ಥಳೀಯರ ನಂಬಿಕೆ. ತಳಿ ಅಭಿವೃದ್ಧಿ ಕೇಂದ್ರಗಳನ್ನು ಸ್ಥಾಪಿಸಿ ಈ ಅಪರೂಪದ ಸಂಪತ್ತನ್ನು ಉಳಿಸಿ ಬೆಳೆಸಬೇಕಿದೆ. ಸರ್ಕಾರದ ಪ್ರೋತ್ಸಾಹಧನ ಯೋಜನೆಗಳು ರೈತರಿಗೆ ತಲುಪಬೇಕಿದೆ.

ಕರಾವಳಿ ಮತ್ತು ಮಲೆನಾಡಿನ ಭಾಗಗಳಲ್ಲಿ ಉಳುಮೆಗೂ ಸಾಗಾಟಕ್ಕೂ ಹೆಸರುವಾಸಿಯಾದ ವಿಲಾರಿ ತಳಿಯ ದನಗಳು ರೈತರ ಬದುಕಿನ ಅವಿಭಾಜ್ಯ ಅಂಗವಾಗಿವೆ. ಗಟ್ಟಿಮುಟ್ಟಾದ ಮೈಕಟ್ಟು, ಚುರುಕು ನಡಿಗೆ ಇವುಗಳ ವಿಶೇಷತೆ. ಕಡಿಮೆ ಮೇವಿನಲ್ಲೂ ಹೆಚ್ಚು ದುಡಿಯುವ ಸಾಮರ್ಥ್ಯ ಈ ತಳಿಗೆ ಇದೆ. ಬೆಟ್ಟಗುಡ್ಡಗಳ ಕಡಿದಾದ ಹಾದಿಯಲ್ಲೂ ಸರಾಗವಾಗಿ ಹೆಜ್ಜೆ ಹಾಕಬಲ್ಲವು. ಸ್ಥಳೀಯ ಜಾತ್ರೆಗಳಲ್ಲಿ ಈ ದನಗಳ ಖರೀದಿಗೆ ಭಾರಿ ಬೇಡಿಕೆ ಇರುತ್ತದೆ.

ದೇಸಿ ತಳಿಗಳ ಸಂರಕ್ಷಣೆ ಇಂದಿನ ತುರ್ತು ಅಗತ್ಯವಾಗಿದೆ. ಯಾಂತ್ರೀಕರಣದ ಭರಾಟೆಯಲ್ಲಿ ಎತ್ತುಗಳ ಬಳಕೆ ಕಡಿಮೆಯಾಗುತ್ತಿದ್ದರೂ, ಗುಡ್ಡಗಾಡು ಪ್ರದೇಶದ ಸಣ್ಣ ಹಿಡುವಳಿದಾರರಿಗೆ ಇವೇ ಆಧಾರ. ವಿಲಾರಿ ದನಗಳ ಹಾಲು ಔಷಧೀಯ ಗುಣ ಹೊಂದಿದೆ ಎಂಬುದು ಸ್ಥಳೀಯರ ನಂಬಿಕೆ. ತಳಿ ಅಭಿವೃದ್ಧಿ ಕೇಂದ್ರಗಳನ್ನು ಸ್ಥಾಪಿಸಿ ಈ ಅಪರೂಪದ ಸಂಪತ್ತನ್ನು ಉಳಿಸಿ ಬೆಳೆಸಬೇಕಿದೆ. ಸರ್ಕಾರದ ಪ್ರೋತ್ಸಾಹಧನ ಯೋಜನೆಗಳು ರೈತರಿಗೆ ತಲುಪಬೇಕಿದೆ.

ಕರಾವಳಿ ಮತ್ತು ಮಲೆನಾಡಿನ ಭಾಗಗಳಲ್ಲಿ ಉಳುಮೆಗೂ ಸಾಗಾಟಕ್ಕೂ ಹೆಸರುವಾಸಿಯಾದ ವಿಲಾರಿ ತಳಿಯ ದನಗಳು ರೈತರ ಬದುಕಿನ ಅವಿಭಾಜ್ಯ ಅಂಗವಾಗಿವೆ. ಗಟ್ಟಿಮುಟ್ಟಾದ ಮೈಕಟ್ಟು, ಚುರುಕು ನಡಿಗೆ ಇವುಗಳ ವಿಶೇಷತೆ. ಕಡಿಮೆ ಮೇವಿನಲ್ಲೂ ಹೆಚ್ಚು ದುಡಿಯುವ ಸಾಮರ್ಥ್ಯ ಈ ತಳಿಗೆ ಇದೆ. ಬೆಟ್ಟಗುಡ್ಡಗಳ ಕಡಿದಾದ ಹಾದಿಯಲ್ಲೂ ಸರಾಗವಾಗಿ ಹೆಜ್ಜೆ ಹಾಕಬಲ್ಲವು. ಸ್ಥಳೀಯ ಜಾತ್ರೆಗಳಲ್ಲಿ ಈ ದನಗಳ ಖರೀದಿಗೆ ಭಾರಿ ಬೇಡಿಕೆ ಇರುತ್ತದೆ.

ಬೆಳೆ ಯಾವುದನ್ನು ಬೆಳೆಯಬೇಕು ಎಂಬುದನ್ನು ನಿರ್ಧರಿಸುವ ಹಕ್ಕು ರೈತನದ್ದು. ಮಾರುಕಟ್ಟೆ ಶಕ್ತಿಗಳು ಮತ್ತು ಮಧ್ಯವರ್ತಿಗಳು ರೈತನ ಆಯ್ಕೆಯ ಸ್ವಾತಂತ್ರ್ಯವನ್ನು ಕಸಿದುಕೊಳ್ಳುತ್ತಿರುವುದು ವಿಷಾದನೀಯ. ಮಣ್ಣಿನ ಗುಣ, ನೀರಿನ ಲಭ್ಯತೆ, ಹವಾಮಾನ ನೋಡಿಕೊಂಡು ಬೆಳೆ ನಿರ್ಧರಿಸುವ ಜಾಣ್ಮೆ ನಮ್ಮ ರೈತರಿಗೆ ಪರಂಪರಾಗತವಾಗಿ ಬಂದಿದೆ. ಬೆಂಬಲ ಬೆಲೆ, ಖಾತರಿ ಮಾರುಕಟ್ಟೆ ಇಲ್ಲದೆ ಬೆಳೆ ಬದಲಾವಣೆಯ ಉಪದೇಶ ನೀಡುವುದು ಸರಿಯಲ್ಲ.

◆
ಮಮತಾ ಬ್ಯಾನರ್ಜಿ ಪದಚ್ಯುತಿ ಅಸಂಭವವೇನಲ್ಲ!
ಮಚ್ಚುದಾರ್

ಪಪಶ್ಚಿಮ ಬಂಗಾಳದಲ್ಲಿ ಯಾವ ಗಳಿಗೆಯಲ್ಲೂ ರಾಜಕೀಯ ಚಿತ್ರಣ ಬದಲಾಗಬಹುದು. ಮಮತಾ ಬ್ಯಾನರ್ಜಿ ನೇತೃತ್ವದ ತೃಣಮೂಲ ಕಾಂಗ್ರೆಸ್ ಸತತ ಗೆಲುವು ಕಂಡಿದ್ದರೂ, ಆಡಳಿತ ವಿರೋಧಿ ಅಲೆ ಬಲಗೊಳ್ಳುತ್ತಿದೆ. ಭ್ರಷ್ಟಾಚಾರ ಆರೋಪಗಳು, ನೇಮಕಾತಿ ಹಗರಣಗಳು ಪಕ್ಷದ ವರ್ಚಸ್ಸಿಗೆ ಧಕ್ಕೆ ತಂದಿವೆ. ಬಿಜೆಪಿ ತಳಮಟ್ಟದಲ್ಲಿ ಸಂಘಟನೆ ಬಲಪಡಿಸುತ್ತಿದೆ. ಗ್ರಾಮೀಣ ಮತದಾರರ ಒಲವು ಯಾರ ಕಡೆ ಎಂಬುದೇ ಕುತೂಹಲ.

2024ರ ಲೋಕಸಭಾ ಚುನಾವಣೆಯಲ್ಲಿ ಟಿಎಂಸಿ 29 ಸ್ಥಾನ ಗೆದ್ದು ಪ್ರಾಬಲ್ಯ ಉಳಿಸಿಕೊಂಡಿತ್ತು. ಆದರೆ ಶೇಕಡಾವಾರು ಮತಗಳ ಅಂತರ ಕುಗ್ಗುತ್ತಿದೆ. ಸಂದೇಶಖಾಲಿ ಘಟನೆ, ಶಿಕ್ಷಕರ ನೇಮಕಾತಿ ಹಗರಣ ಜನಮಾನಸದಲ್ಲಿ ಅಚ್ಚಳಿಯದೆ ಉಳಿದಿವೆ. ಯುವ ಮತದಾರರು ಬದಲಾವಣೆ ಬಯಸುತ್ತಿದ್ದಾರೆ ಎನ್ನುತ್ತವೆ ಸಮೀಕ್ಷೆಗಳು. ಮುಂಬರುವ ವಿಧಾನಸಭಾ ಚುನಾವಣೆ ರಾಷ್ಟ್ರ ರಾಜಕಾರಣದ ದಿಕ್ಕು ನಿರ್ಧರಿಸಲಿದೆ.

2024ರ ಲೋಕಸಭಾ ಚುನಾವಣೆಯಲ್ಲಿ ಟಿಎಂಸಿ 29 ಸ್ಥಾನ ಗೆದ್ದು ಪ್ರಾಬಲ್ಯ ಉಳಿಸಿಕೊಂಡಿತ್ತು. ಆದರೆ ಶೇಕಡಾವಾರು ಮತಗಳ ಅಂತರ ಕುಗ್ಗುತ್ತಿದೆ. ಸಂದೇಶಖಾಲಿ ಘಟನೆ, ಶಿಕ್ಷಕರ ನೇಮಕಾತಿ ಹಗರಣ ಜನಮಾನಸದಲ್ಲಿ ಅಚ್ಚಳಿಯದೆ ಉಳಿದಿವೆ. ಯುವ ಮತದಾರರು ಬದಲಾವಣೆ ಬಯಸುತ್ತಿದ್ದಾರೆ ಎನ್ನುತ್ತವೆ ಸಮೀಕ್ಷೆಗಳು. ಮುಂಬರುವ ವಿಧಾನಸಭಾ ಚುನಾವಣೆ ರಾಷ್ಟ್ರ ರಾಜಕಾರಣದ ದಿಕ್ಕು ನಿರ್ಧರಿಸಲಿದೆ.

ಎಡಪಕ್ಷಗಳು ಮತ್ತು ಕಾಂಗ್ರೆಸ್ ನೆಲೆ ಕಳೆದುಕೊಂಡಿರುವ ಬಂಗಾಳದಲ್ಲಿ ನೇರ ಹಣಾಹಣಿ ಟಿಎಂಸಿ-ಬಿಜೆಪಿ ನಡುವೆ ಎಂಬುದು ಸ್ಪಷ್ಟ. ಮಹಿಳಾ ಮತದಾರರ ಬೆಂಬಲ ಮಮತಾ ಅವರ ಶಕ್ತಿ. ಲಕ್ಷ್ಮಿ ಭಂಡಾರದಂತಹ ಯೋಜನೆಗಳು ಜನಪ್ರಿಯವಾಗಿವೆ. ಆದರೆ ನಿರುದ್ಯೋಗ, ವಲಸೆ ಸಮಸ್ಯೆ ಯುವಕರನ್ನು ಕಾಡುತ್ತಿದೆ. ಪದಚ್ಯುತಿ ಅಸಂಭವವೇನಲ್ಲ ಎಂಬ ವಿಶ್ಲೇಷಣೆ ರಾಜಕೀಯ ವಲಯದಲ್ಲಿ ಹರಿದಾಡುತ್ತಿದೆ.

ಪಶ್ಚಿಮ ಬಂಗಾಳದಲ್ಲಿ ಯಾವ ಗಳಿಗೆಯಲ್ಲೂ ರಾಜಕೀಯ ಚಿತ್ರಣ ಬದಲಾಗಬಹುದು. ಮಮತಾ ಬ್ಯಾನರ್ಜಿ ನೇತೃತ್ವದ ತೃಣಮೂಲ ಕಾಂಗ್ರೆಸ್ ಸತತ ಗೆಲುವು ಕಂಡಿದ್ದರೂ, ಆಡಳಿತ ವಿರೋಧಿ ಅಲೆ ಬಲಗೊಳ್ಳುತ್ತಿದೆ. ಭ್ರಷ್ಟಾಚಾರ ಆರೋಪಗಳು, ನೇಮಕಾತಿ ಹಗರಣಗಳು ಪಕ್ಷದ ವರ್ಚಸ್ಸಿಗೆ ಧಕ್ಕೆ ತಂದಿವೆ. ಬಿಜೆಪಿ ತಳಮಟ್ಟದಲ್ಲಿ ಸಂಘಟನೆ ಬಲಪಡಿಸುತ್ತಿದೆ. ಗ್ರಾಮೀಣ ಮತದಾರರ ಒಲವು ಯಾರ ಕಡೆ ಎಂಬುದೇ ಕುತೂಹಲ.

ಎಡಪಕ್ಷಗಳು ಮತ್ತು ಕಾಂಗ್ರೆಸ್ ನೆಲೆ ಕಳೆದುಕೊಂಡಿರುವ ಬಂಗಾಳದಲ್ಲಿ ನೇರ ಹಣಾಹಣಿ ಟಿಎಂಸಿ-ಬಿಜೆಪಿ ನಡುವೆ ಎಂಬುದು ಸ್ಪಷ್ಟ. ಮಹಿಳಾ ಮತದಾರರ ಬೆಂಬಲ ಮಮತಾ ಅವರ ಶಕ್ತಿ. ಲಕ್ಷ್ಮಿ ಭಂಡಾರದಂತಹ ಯೋಜನೆಗಳು ಜನಪ್ರಿಯವಾಗಿವೆ. ಆದರೆ ನಿರುದ್ಯೋಗ, ವಲಸೆ ಸಮಸ್ಯೆ ಯುವಕರನ್ನು ಕಾಡುತ್ತಿದೆ. ಪದಚ್ಯುತಿ ಅಸಂಭವವೇನಲ್ಲ ಎಂಬ ವಿಶ್ಲೇಷಣೆ ರಾಜಕೀಯ ವಲಯದಲ್ಲಿ ಹರಿದಾಡುತ್ತಿದೆ.

ಪಶ್ಚಿಮ ಬಂಗಾಳದಲ್ಲಿ ಯಾವ ಗಳಿಗೆಯಲ್ಲೂ ರಾಜಕೀಯ ಚಿತ್ರಣ ಬದಲಾಗಬಹುದು. ಮಮತಾ ಬ್ಯಾನರ್ಜಿ ನೇತೃತ್ವದ ತೃಣಮೂಲ ಕಾಂಗ್ರೆಸ್ ಸತತ ಗೆಲುವು ಕಂಡಿದ್ದರೂ, ಆಡಳಿತ ವಿರೋಧಿ ಅಲೆ ಬಲಗೊಳ್ಳುತ್ತಿದೆ. ಭ್ರಷ್ಟಾಚಾರ ಆರೋಪಗಳು, ನೇಮಕಾತಿ ಹಗರಣಗಳು ಪಕ್ಷದ ವರ್ಚಸ್ಸಿಗೆ ಧಕ್ಕೆ ತಂದಿವೆ. ಬಿಜೆಪಿ ತಳಮಟ್ಟದಲ್ಲಿ ಸಂಘಟನೆ ಬಲಪಡಿಸುತ್ತಿದೆ. ಗ್ರಾಮೀಣ ಮತದಾರರ ಒಲವು ಯಾರ ಕಡೆ ಎಂಬುದೇ ಕುತೂಹಲ.

2024ರ ಲೋಕಸಭಾ ಚುನಾವಣೆಯಲ್ಲಿ ಟಿಎಂಸಿ 29 ಸ್ಥಾನ ಗೆದ್ದು ಪ್ರಾಬಲ್ಯ ಉಳಿಸಿಕೊಂಡಿತ್ತು. ಆದರೆ ಶೇಕಡಾವಾರು ಮತಗಳ ಅಂತರ ಕುಗ್ಗುತ್ತಿದೆ. ಸಂದೇಶಖಾಲಿ ಘಟನೆ, ಶಿಕ್ಷಕರ ನೇಮಕಾತಿ ಹಗರಣ ಜನಮಾನಸದಲ್ಲಿ ಅಚ್ಚಳಿಯದೆ ಉಳಿದಿವೆ. ಯುವ ಮತದಾರರು ಬದಲಾವಣೆ ಬಯಸುತ್ತಿದ್ದಾರೆ ಎನ್ನುತ್ತವೆ ಸಮೀಕ್ಷೆಗಳು. ಮುಂಬರುವ ವಿಧಾನಸಭಾ ಚುನಾವಣೆ ರಾಷ್ಟ್ರ ರಾಜಕಾರಣದ ದಿಕ್ಕು ನಿರ್ಧರಿಸಲಿದೆ.

ಎಡಪಕ್ಷಗಳು ಮತ್ತು ಕಾಂಗ್ರೆಸ್ ನೆಲೆ ಕಳೆದುಕೊಂಡಿರುವ ಬಂಗಾಳದಲ್ಲಿ ನೇರ ಹಣಾಹಣಿ ಟಿಎಂಸಿ-ಬಿಜೆಪಿ ನಡುವೆ ಎಂಬುದು ಸ್ಪಷ್ಟ. ಮಹಿಳಾ ಮತದಾರರ ಬೆಂಬಲ ಮಮತಾ ಅವರ ಶಕ್ತಿ. ಲಕ್ಷ್ಮಿ ಭಂಡಾರದಂತಹ ಯೋಜನೆಗಳು ಜನಪ್ರಿಯವಾಗಿವೆ. ಆದರೆ ನಿರುದ್ಯೋಗ, ವಲಸೆ ಸಮಸ್ಯೆ ಯುವಕರನ್ನು ಕಾಡುತ್ತಿದೆ. ಪದಚ್ಯುತಿ ಅಸಂಭವವೇನಲ್ಲ ಎಂಬ ವಿಶ್ಲೇಷಣೆ ರಾಜಕೀಯ ವಲಯದಲ್ಲಿ ಹರಿದಾಡುತ್ತಿದೆ.

2024ರ ಲೋಕಸಭಾ ಚುನಾವಣೆಯಲ್ಲಿ ಟಿಎಂಸಿ 29 ಸ್ಥಾನ ಗೆದ್ದು ಪ್ರಾಬಲ್ಯ ಉಳಿಸಿಕೊಂಡಿತ್ತು. ಆದರೆ ಶೇಕಡಾವಾರು ಮತಗಳ ಅಂತರ ಕುಗ್ಗುತ್ತಿದೆ. ಸಂದೇಶಖಾಲಿ ಘಟನೆ, ಶಿಕ್ಷಕರ ನೇಮಕಾತಿ ಹಗರಣ ಜನಮಾನಸದಲ್ಲಿ ಅಚ್ಚಳಿಯದೆ ಉಳಿದಿವೆ. ಯುವ ಮತದಾರರು ಬದಲಾವಣೆ ಬಯಸುತ್ತಿದ್ದಾರೆ ಎನ್ನುತ್ತವೆ ಸಮೀಕ್ಷೆಗಳು. ಮುಂಬರುವ ವಿಧಾನಸಭಾ ಚುನಾವಣೆ ರಾಷ್ಟ್ರ ರಾಜಕಾರಣದ ದಿಕ್ಕು ನಿರ್ಧರಿಸಲಿದೆ.

◆
